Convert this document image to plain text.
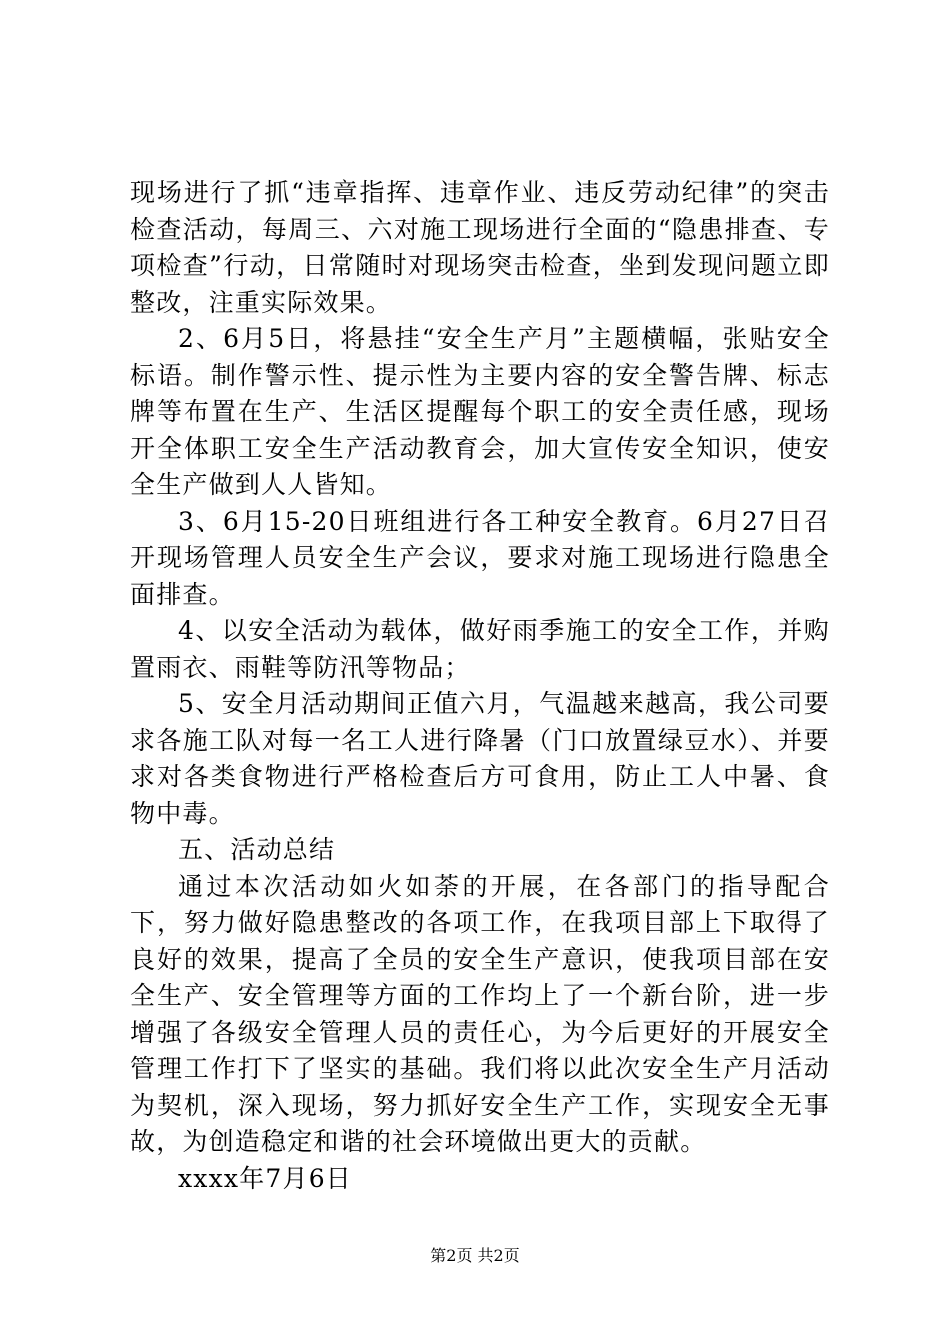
现场进行了抓“违章指挥、违章作业、违反劳动纪律”的突击检查活动，每周三、六对施工现场进行全面的“隐患排查、专项检查”行动，日常随时对现场突击检查，坐到发现问题立即整改，注重实际效果。

2、6月5日，将悬挂“安全生产月”主题横幅，张贴安全标语。制作警示性、提示性为主要内容的安全警告牌、标志牌等布置在生产、生活区提醒每个职工的安全责任感，现场开全体职工安全生产活动教育会，加大宣传安全知识，使安全生产做到人人皆知。

3、6月15-20日班组进行各工种安全教育。6月27日召开现场管理人员安全生产会议，要求对施工现场进行隐患全面排查。

4、以安全活动为载体，做好雨季施工的安全工作，并购置雨衣、雨鞋等防汛等物品；

5、安全月活动期间正值六月，气温越来越高，我公司要求各施工队对每一名工人进行降暑（门口放置绿豆水）、并要求对各类食物进行严格检查后方可食用，防止工人中暑、食物中毒。

五、活动总结

通过本次活动如火如荼的开展，在各部门的指导配合下，努力做好隐患整改的各项工作，在我项目部上下取得了良好的效果，提高了全员的安全生产意识，使我项目部在安全生产、安全管理等方面的工作均上了一个新台阶，进一步增强了各级安全管理人员的责任心，为今后更好的开展安全管理工作打下了坚实的基础。我们将以此次安全生产月活动为契机，深入现场，努力抓好安全生产工作，实现安全无事故，为创造稳定和谐的社会环境做出更大的贡献。

xxxx年7月6日

第2页 共2页
